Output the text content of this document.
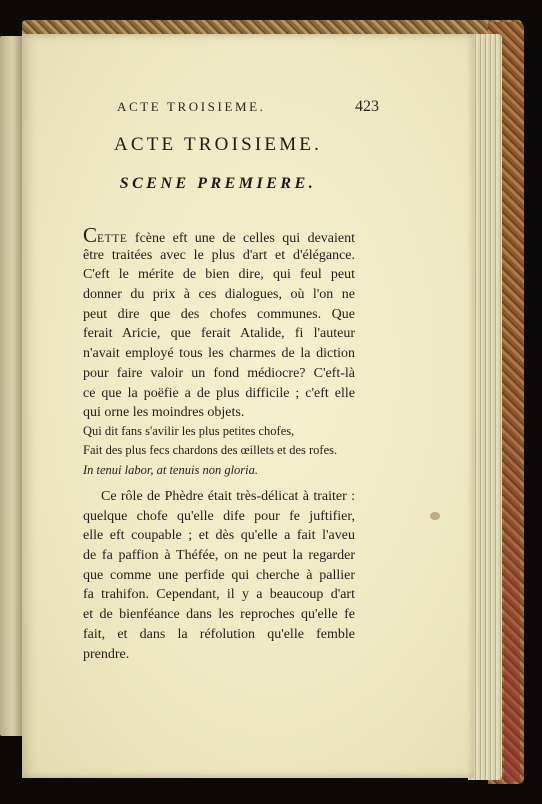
ACTE TROISIEME.	423
ACTE TROISIEME.
SCENE PREMIERE.
CETTE fcène eft une de celles qui devaient
être traitées avec le plus d'art et d'élégance.
C'eft le mérite de bien dire, qui feul peut
donner du prix à ces dialogues, où l'on ne
peut dire que des chofes communes. Que
ferait Aricie, que ferait Atalide, fi l'auteur
n'avait employé tous les charmes de la diction
pour faire valoir un fond médiocre? C'eft-là
ce que la poëfie a de plus difficile ; c'eft elle
qui orne les moindres objets.
Qui dit fans s'avilir les plus petites chofes,
Fait des plus fecs chardons des œillets et des rofes.
In tenui labor, at tenuis non gloria.
Ce rôle de Phèdre était très-délicat à traiter :
quelque chofe qu'elle dife pour fe juftifier,
elle eft coupable ; et dès qu'elle a fait l'aveu
de fa paffion à Théfée, on ne peut la regarder
que comme une perfide qui cherche à pallier
fa trahifon. Cependant, il y a beaucoup d'art
et de bienféance dans les reproches qu'elle fe
fait, et dans la réfolution qu'elle femble
prendre.
